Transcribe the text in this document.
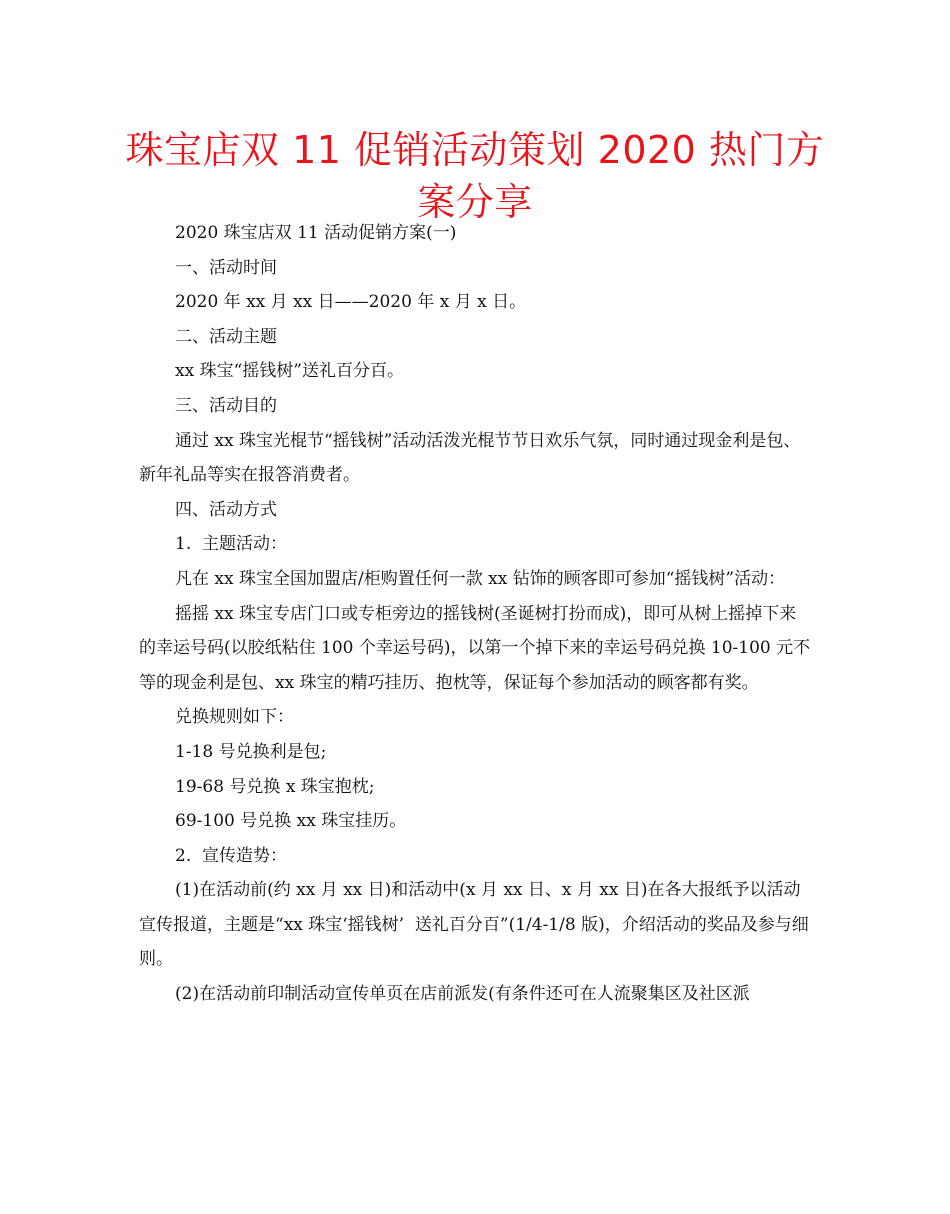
珠宝店双 11 促销活动策划 2020 热门方案分享

2020 珠宝店双 11 活动促销方案(一)

一、活动时间

2020 年 xx 月 xx 日——2020 年 x 月 x 日。

二、活动主题

xx 珠宝“摇钱树”送礼百分百。

三、活动目的

通过 xx 珠宝光棍节“摇钱树”活动活泼光棍节节日欢乐气氛，同时通过现金利是包、新年礼品等实在报答消费者。

四、活动方式

1.  主题活动：

凡在 xx 珠宝全国加盟店/柜购置任何一款 xx 钻饰的顾客即可参加“摇钱树”活动：

摇摇 xx 珠宝专店门口或专柜旁边的摇钱树(圣诞树打扮而成)，即可从树上摇掉下来的幸运号码(以胶纸粘住 100 个幸运号码)，以第一个掉下来的幸运号码兑换 10-100 元不等的现金利是包、xx 珠宝的精巧挂历、抱枕等，保证每个参加活动的顾客都有奖。

兑换规则如下：

1-18 号兑换利是包;

19-68 号兑换 x 珠宝抱枕;

69-100 号兑换 xx 珠宝挂历。

2.  宣传造势：

(1)在活动前(约 xx 月 xx 日)和活动中(x 月 xx 日、x 月 xx 日)在各大报纸予以活动宣传报道，主题是“xx 珠宝‘摇钱树’  送礼百分百”(1/4-1/8 版)，介绍活动的奖品及参与细则。

(2)在活动前印制活动宣传单页在店前派发(有条件还可在人流聚集区及社区派
